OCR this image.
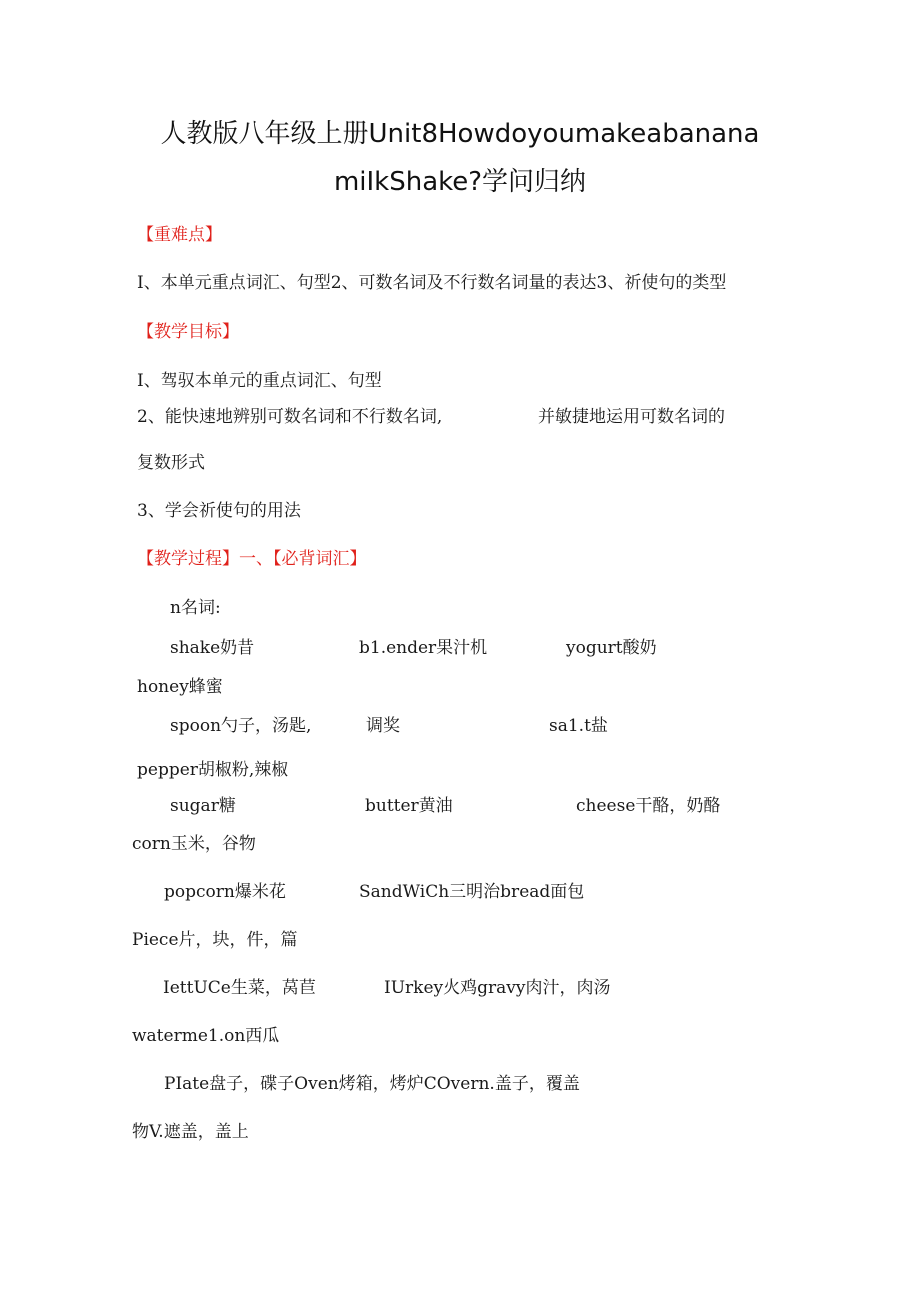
人教版八年级上册Unit8Howdoyoumakeabanana
miIkShake?学问归纳
【重难点】
I、本单元重点词汇、句型2、可数名词及不行数名词量的表达3、祈使句的类型
【教学目标】
I、驾驭本单元的重点词汇、句型
2、能快速地辨别可数名词和不行数名词,	并敏捷地运用可数名词的
复数形式
3、学会祈使句的用法
【教学过程】一、【必背词汇】
n名词:
shake奶昔	b1.ender果汁机	yogurt酸奶
honey蜂蜜
spoon勺子，汤匙,	调奖	sa1.t盐
pepper胡椒粉,辣椒
sugar糖	butter黄油	cheese干酪，奶酪
corn玉米，谷物
popcorn爆米花	SandWiCh三明治bread面包
Piece片，块，件，篇
IettUCe生菜，莴苣	IUrkey火鸡gravy肉汁，肉汤
waterme1.on西瓜
PIate盘子，碟子Oven烤箱，烤炉COvern.盖子，覆盖
物V.遮盖，盖上
